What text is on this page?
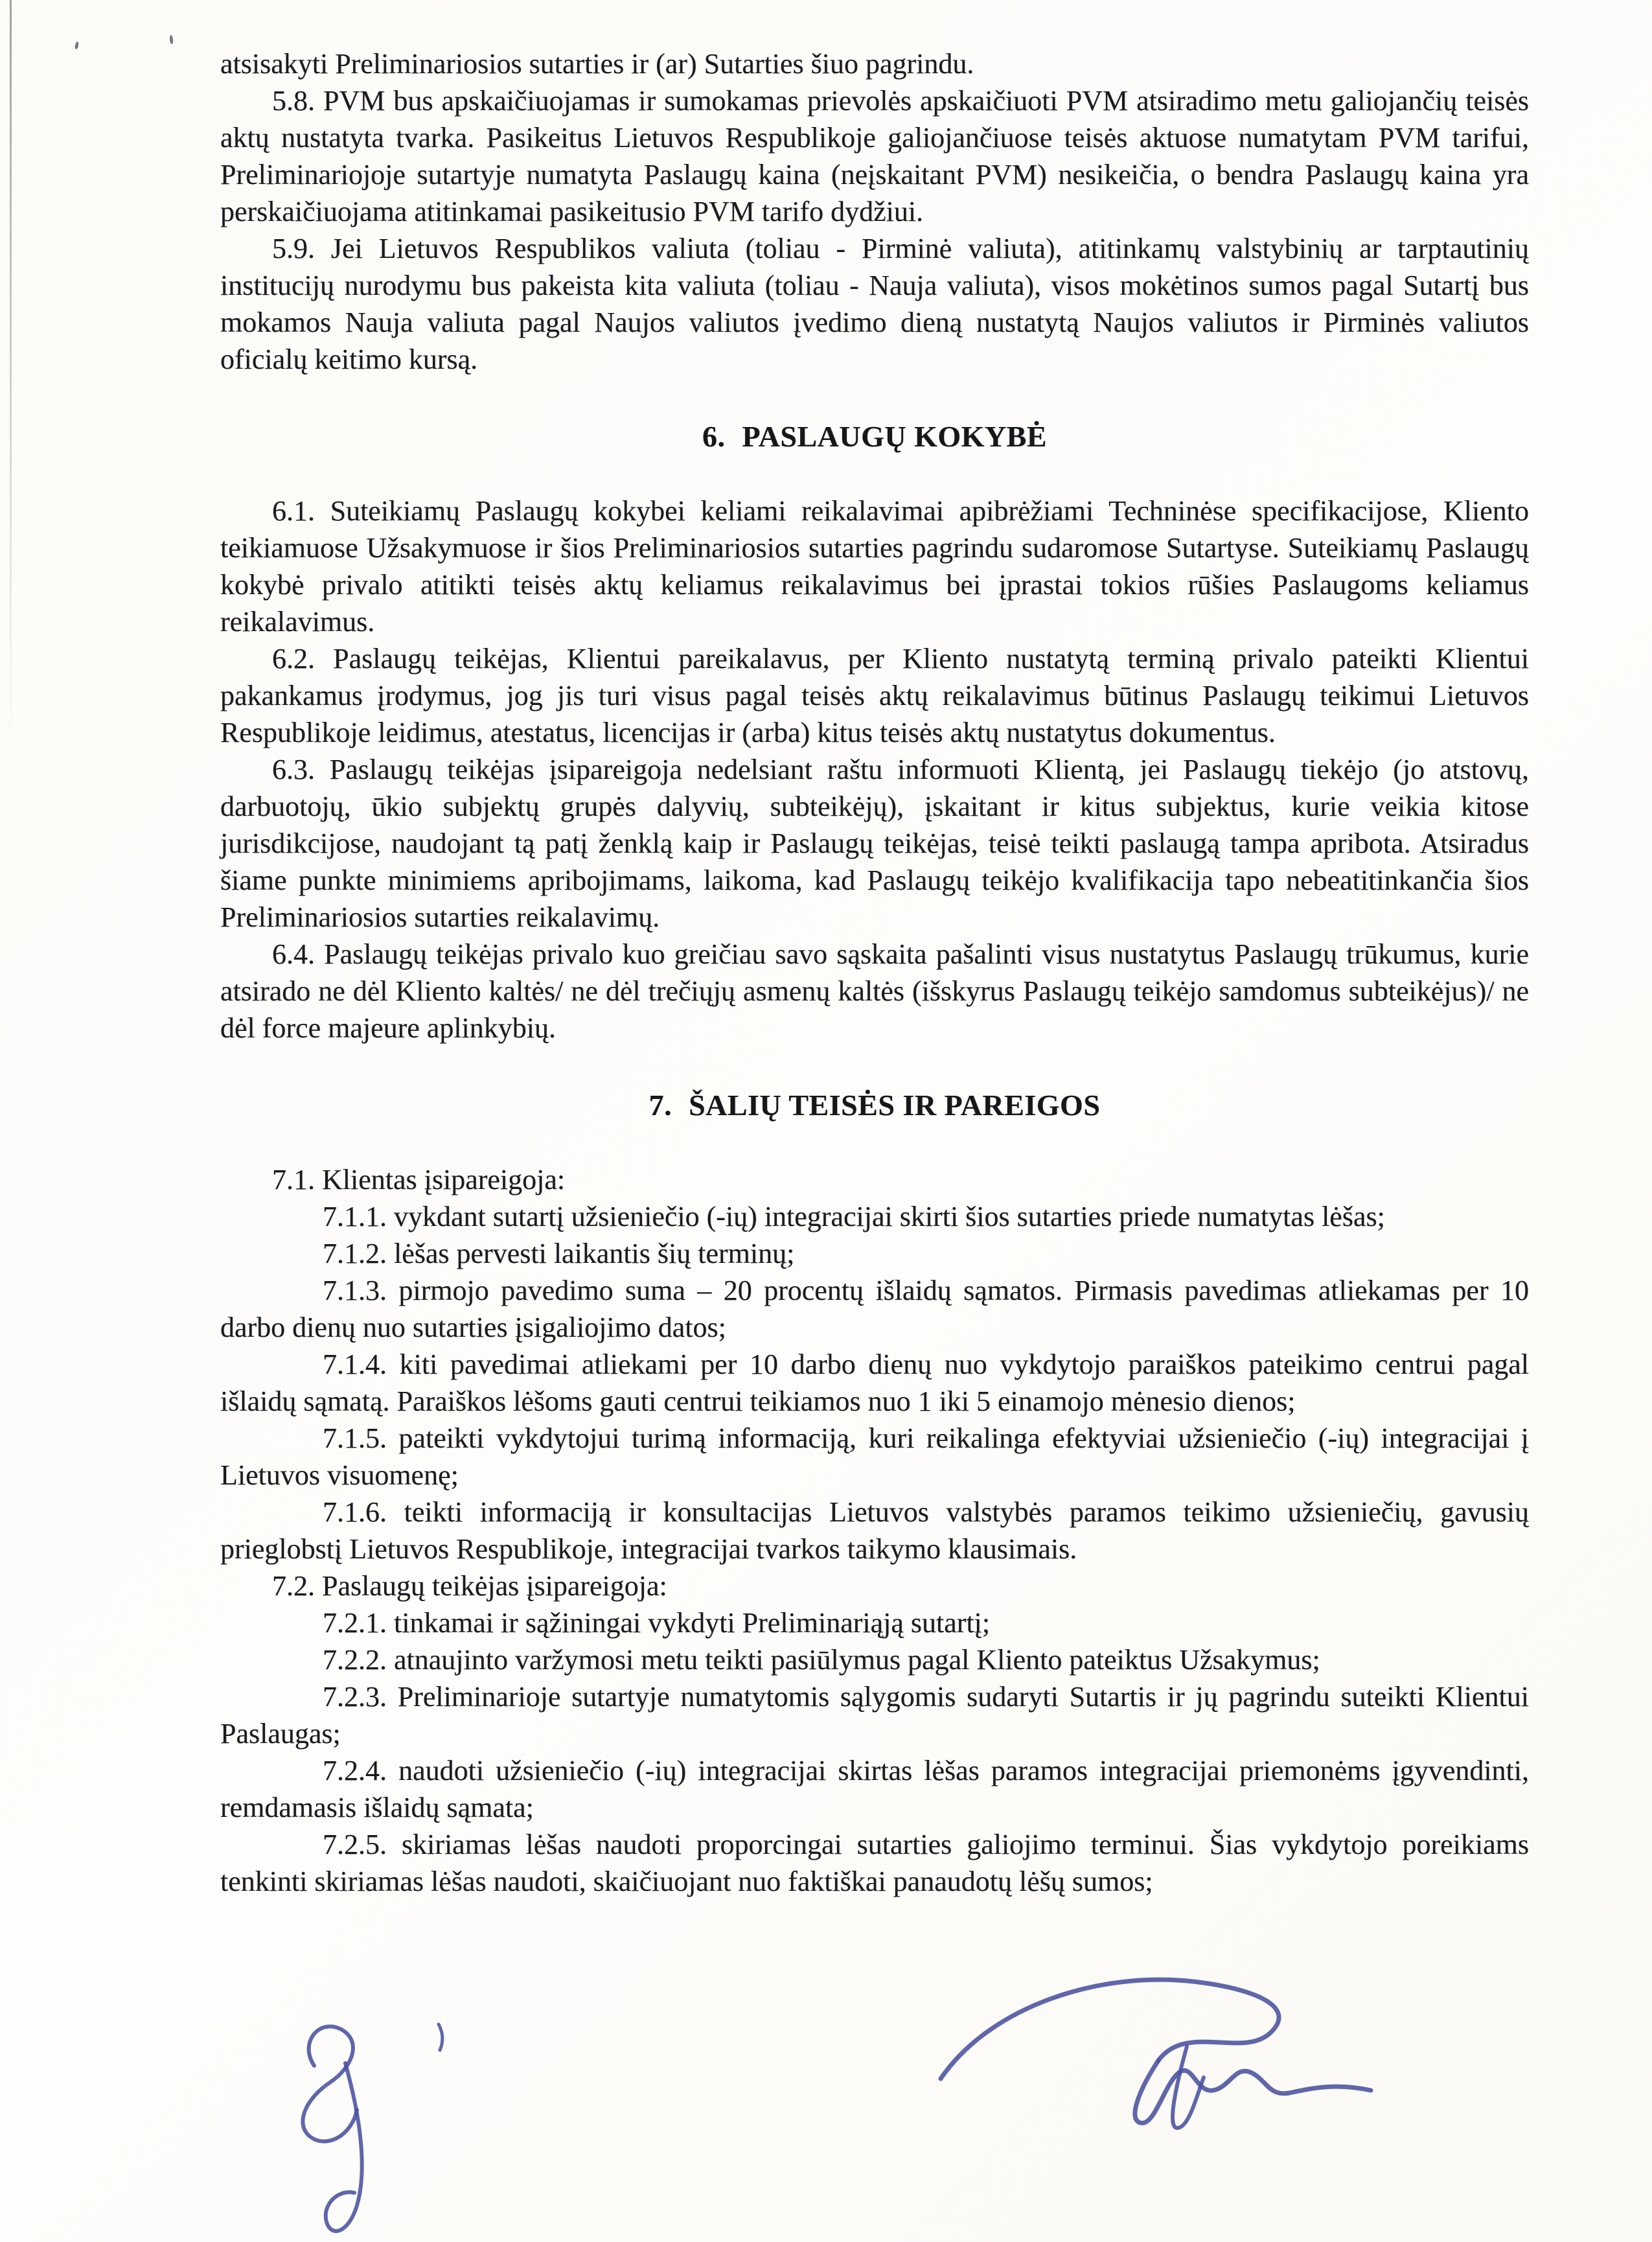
atsisakyti Preliminariosios sutarties ir (ar) Sutarties šiuo pagrindu.

5.8. PVM bus apskaičiuojamas ir sumokamas prievolės apskaičiuoti PVM atsiradimo metu galiojančių teisės aktų nustatyta tvarka. Pasikeitus Lietuvos Respublikoje galiojančiuose teisės aktuose numatytam PVM tarifui, Preliminariojoje sutartyje numatyta Paslaugų kaina (neįskaitant PVM) nesikeičia, o bendra Paslaugų kaina yra perskaičiuojama atitinkamai pasikeitusio PVM tarifo dydžiui.

5.9. Jei Lietuvos Respublikos valiuta (toliau - Pirminė valiuta), atitinkamų valstybinių ar tarptautinių institucijų nurodymu bus pakeista kita valiuta (toliau - Nauja valiuta), visos mokėtinos sumos pagal Sutartį bus mokamos Nauja valiuta pagal Naujos valiutos įvedimo dieną nustatytą Naujos valiutos ir Pirminės valiutos oficialų keitimo kursą.

6. PASLAUGŲ KOKYBĖ

6.1. Suteikiamų Paslaugų kokybei keliami reikalavimai apibrėžiami Techninėse specifikacijose, Kliento teikiamuose Užsakymuose ir šios Preliminariosios sutarties pagrindu sudaromose Sutartyse. Suteikiamų Paslaugų kokybė privalo atitikti teisės aktų keliamus reikalavimus bei įprastai tokios rūšies Paslaugoms keliamus reikalavimus.

6.2. Paslaugų teikėjas, Klientui pareikalavus, per Kliento nustatytą terminą privalo pateikti Klientui pakankamus įrodymus, jog jis turi visus pagal teisės aktų reikalavimus būtinus Paslaugų teikimui Lietuvos Respublikoje leidimus, atestatus, licencijas ir (arba) kitus teisės aktų nustatytus dokumentus.

6.3. Paslaugų teikėjas įsipareigoja nedelsiant raštu informuoti Klientą, jei Paslaugų tiekėjo (jo atstovų, darbuotojų, ūkio subjektų grupės dalyvių, subteikėjų), įskaitant ir kitus subjektus, kurie veikia kitose jurisdikcijose, naudojant tą patį ženklą kaip ir Paslaugų teikėjas, teisė teikti paslaugą tampa apribota. Atsiradus šiame punkte minimiems apribojimams, laikoma, kad Paslaugų teikėjo kvalifikacija tapo nebeatitinkančia šios Preliminariosios sutarties reikalavimų.

6.4. Paslaugų teikėjas privalo kuo greičiau savo sąskaita pašalinti visus nustatytus Paslaugų trūkumus, kurie atsirado ne dėl Kliento kaltės/ ne dėl trečiųjų asmenų kaltės (išskyrus Paslaugų teikėjo samdomus subteikėjus)/ ne dėl force majeure aplinkybių.

7. ŠALIŲ TEISĖS IR PAREIGOS

7.1. Klientas įsipareigoja:

7.1.1. vykdant sutartį užsieniečio (-ių) integracijai skirti šios sutarties priede numatytas lėšas;

7.1.2. lėšas pervesti laikantis šių terminų;

7.1.3. pirmojo pavedimo suma – 20 procentų išlaidų sąmatos. Pirmasis pavedimas atliekamas per 10 darbo dienų nuo sutarties įsigaliojimo datos;

7.1.4. kiti pavedimai atliekami per 10 darbo dienų nuo vykdytojo paraiškos pateikimo centrui pagal išlaidų sąmatą. Paraiškos lėšoms gauti centrui teikiamos nuo 1 iki 5 einamojo mėnesio dienos;

7.1.5. pateikti vykdytojui turimą informaciją, kuri reikalinga efektyviai užsieniečio (-ių) integracijai į Lietuvos visuomenę;

7.1.6. teikti informaciją ir konsultacijas Lietuvos valstybės paramos teikimo užsieniečių, gavusių prieglobstį Lietuvos Respublikoje, integracijai tvarkos taikymo klausimais.

7.2. Paslaugų teikėjas įsipareigoja:

7.2.1. tinkamai ir sąžiningai vykdyti Preliminariąją sutartį;

7.2.2. atnaujinto varžymosi metu teikti pasiūlymus pagal Kliento pateiktus Užsakymus;

7.2.3. Preliminarioje sutartyje numatytomis sąlygomis sudaryti Sutartis ir jų pagrindu suteikti Klientui Paslaugas;

7.2.4. naudoti užsieniečio (-ių) integracijai skirtas lėšas paramos integracijai priemonėms įgyvendinti, remdamasis išlaidų sąmata;

7.2.5. skiriamas lėšas naudoti proporcingai sutarties galiojimo terminui. Šias vykdytojo poreikiams tenkinti skiriamas lėšas naudoti, skaičiuojant nuo faktiškai panaudotų lėšų sumos;
